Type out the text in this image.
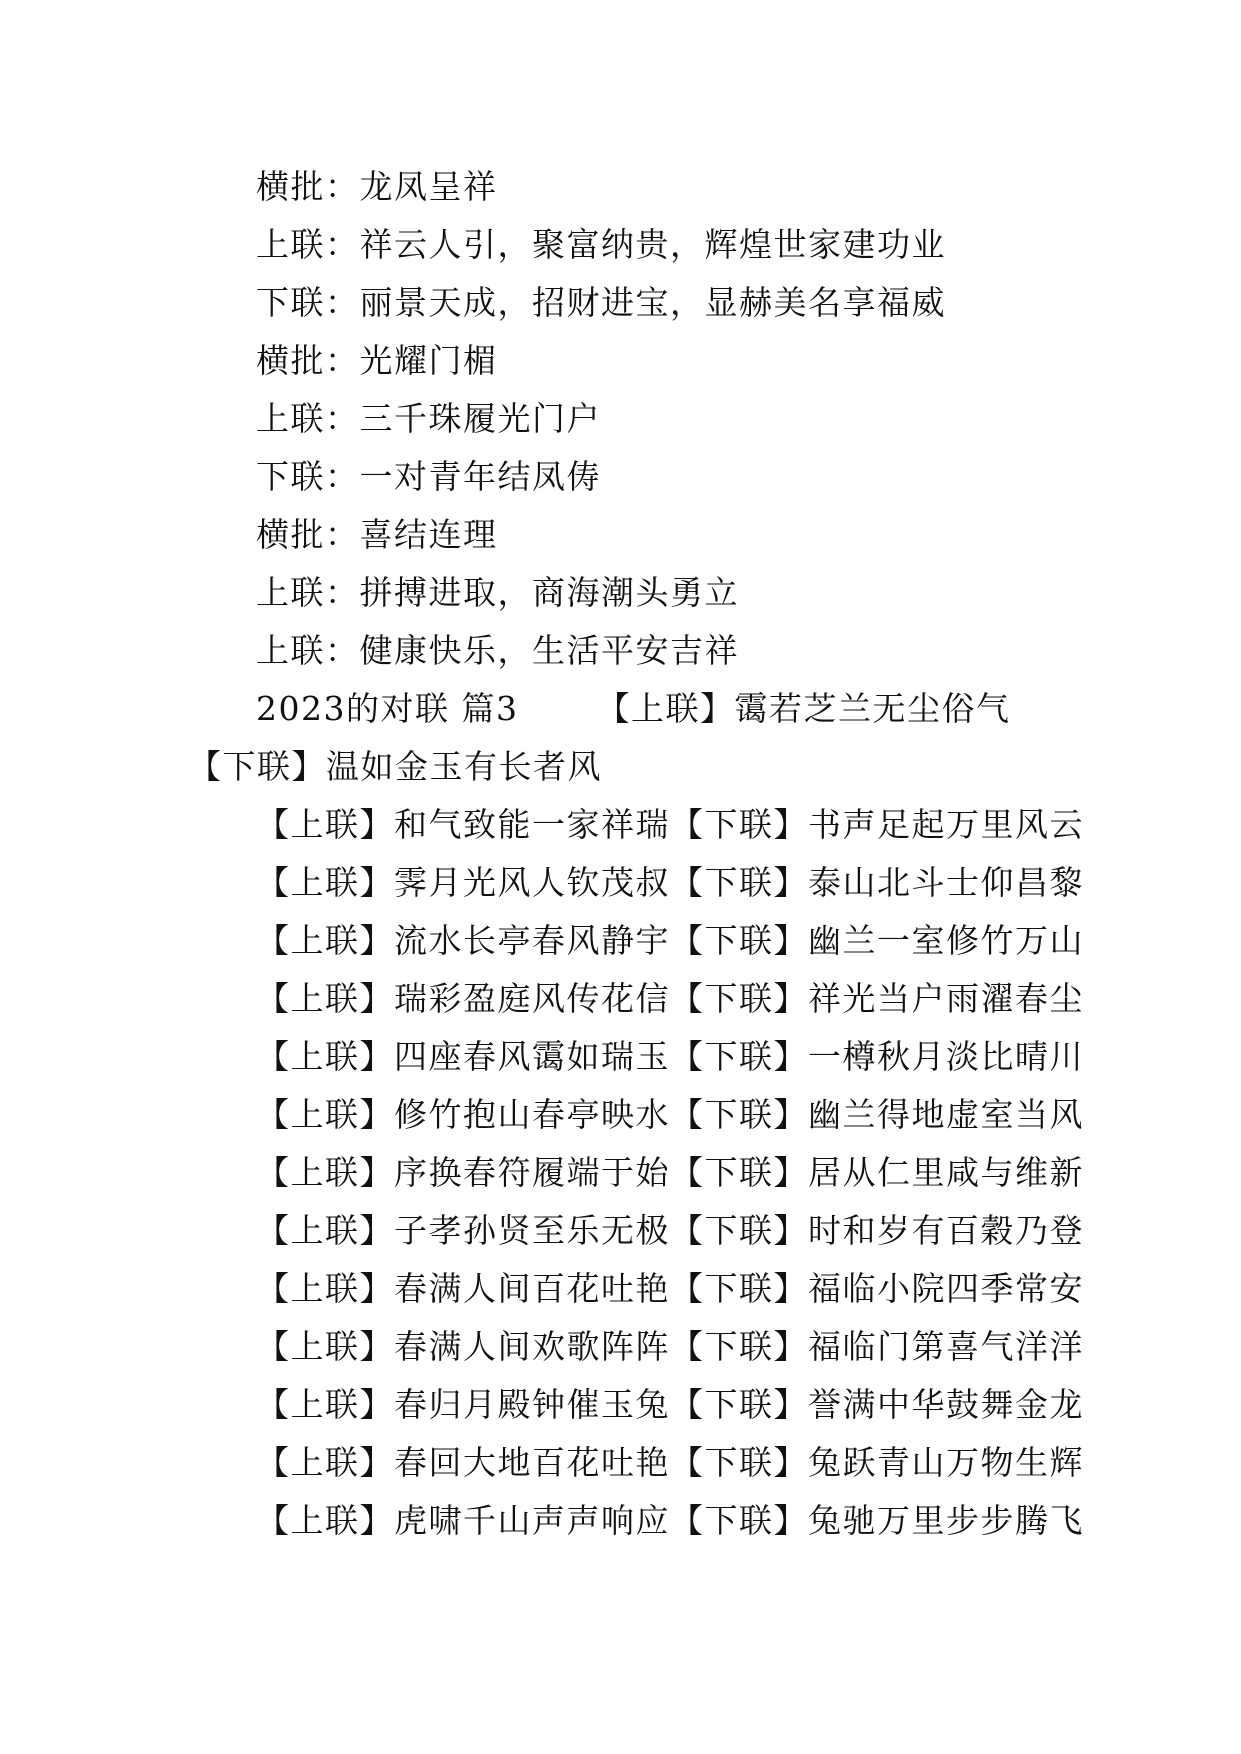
横批：龙凤呈祥
上联：祥云人引，聚富纳贵，辉煌世家建功业
下联：丽景天成，招财进宝，显赫美名享福威
横批：光耀门楣
上联：三千珠履光门户
下联：一对青年结凤俦
横批：喜结连理
上联：拼搏进取，商海潮头勇立
上联：健康快乐，生活平安吉祥
2023的对联 篇3 【上联】霭若芝兰无尘俗气【下联】温如金玉有长者风
【上联】和气致能一家祥瑞【下联】书声足起万里风云
【上联】霁月光风人钦茂叔【下联】泰山北斗士仰昌黎
【上联】流水长亭春风静宇【下联】幽兰一室修竹万山
【上联】瑞彩盈庭风传花信【下联】祥光当户雨濯春尘
【上联】四座春风霭如瑞玉【下联】一樽秋月淡比晴川
【上联】修竹抱山春亭映水【下联】幽兰得地虚室当风
【上联】序换春符履端于始【下联】居从仁里咸与维新
【上联】子孝孙贤至乐无极【下联】时和岁有百穀乃登
【上联】春满人间百花吐艳【下联】福临小院四季常安
【上联】春满人间欢歌阵阵【下联】福临门第喜气洋洋
【上联】春归月殿钟催玉兔【下联】誉满中华鼓舞金龙
【上联】春回大地百花吐艳【下联】兔跃青山万物生辉
【上联】虎啸千山声声响应【下联】兔驰万里步步腾飞
